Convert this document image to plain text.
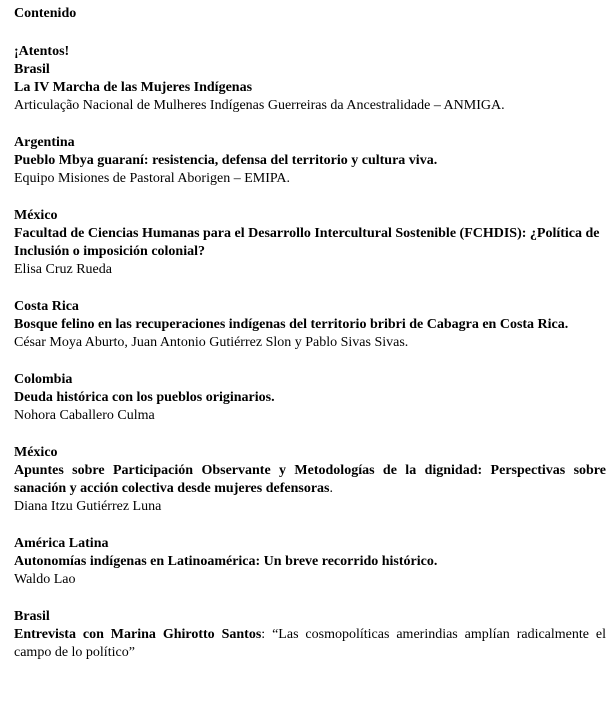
Contenido
¡Atentos!
Brasil
La IV Marcha de las Mujeres Indígenas
Articulação Nacional de Mulheres Indígenas Guerreiras da Ancestralidade – ANMIGA.
Argentina
Pueblo Mbya guaraní: resistencia, defensa del territorio y cultura viva.
Equipo Misiones de Pastoral Aborigen – EMIPA.
México
Facultad de Ciencias Humanas para el Desarrollo Intercultural Sostenible (FCHDIS): ¿Política de Inclusión o imposición colonial?
Elisa Cruz Rueda
Costa Rica
Bosque felino en las recuperaciones indígenas del territorio bribri de Cabagra en Costa Rica.
César Moya Aburto, Juan Antonio Gutiérrez Slon y Pablo Sivas Sivas.
Colombia
Deuda histórica con los pueblos originarios.
Nohora Caballero Culma
México
Apuntes sobre Participación Observante y Metodologías de la dignidad: Perspectivas sobre sanación y acción colectiva desde mujeres defensoras.
Diana Itzu Gutiérrez Luna
América Latina
Autonomías indígenas en Latinoamérica: Un breve recorrido histórico.
Waldo Lao
Brasil
Entrevista con Marina Ghirotto Santos: “Las cosmopolíticas amerindias amplían radicalmente el campo de lo político”
